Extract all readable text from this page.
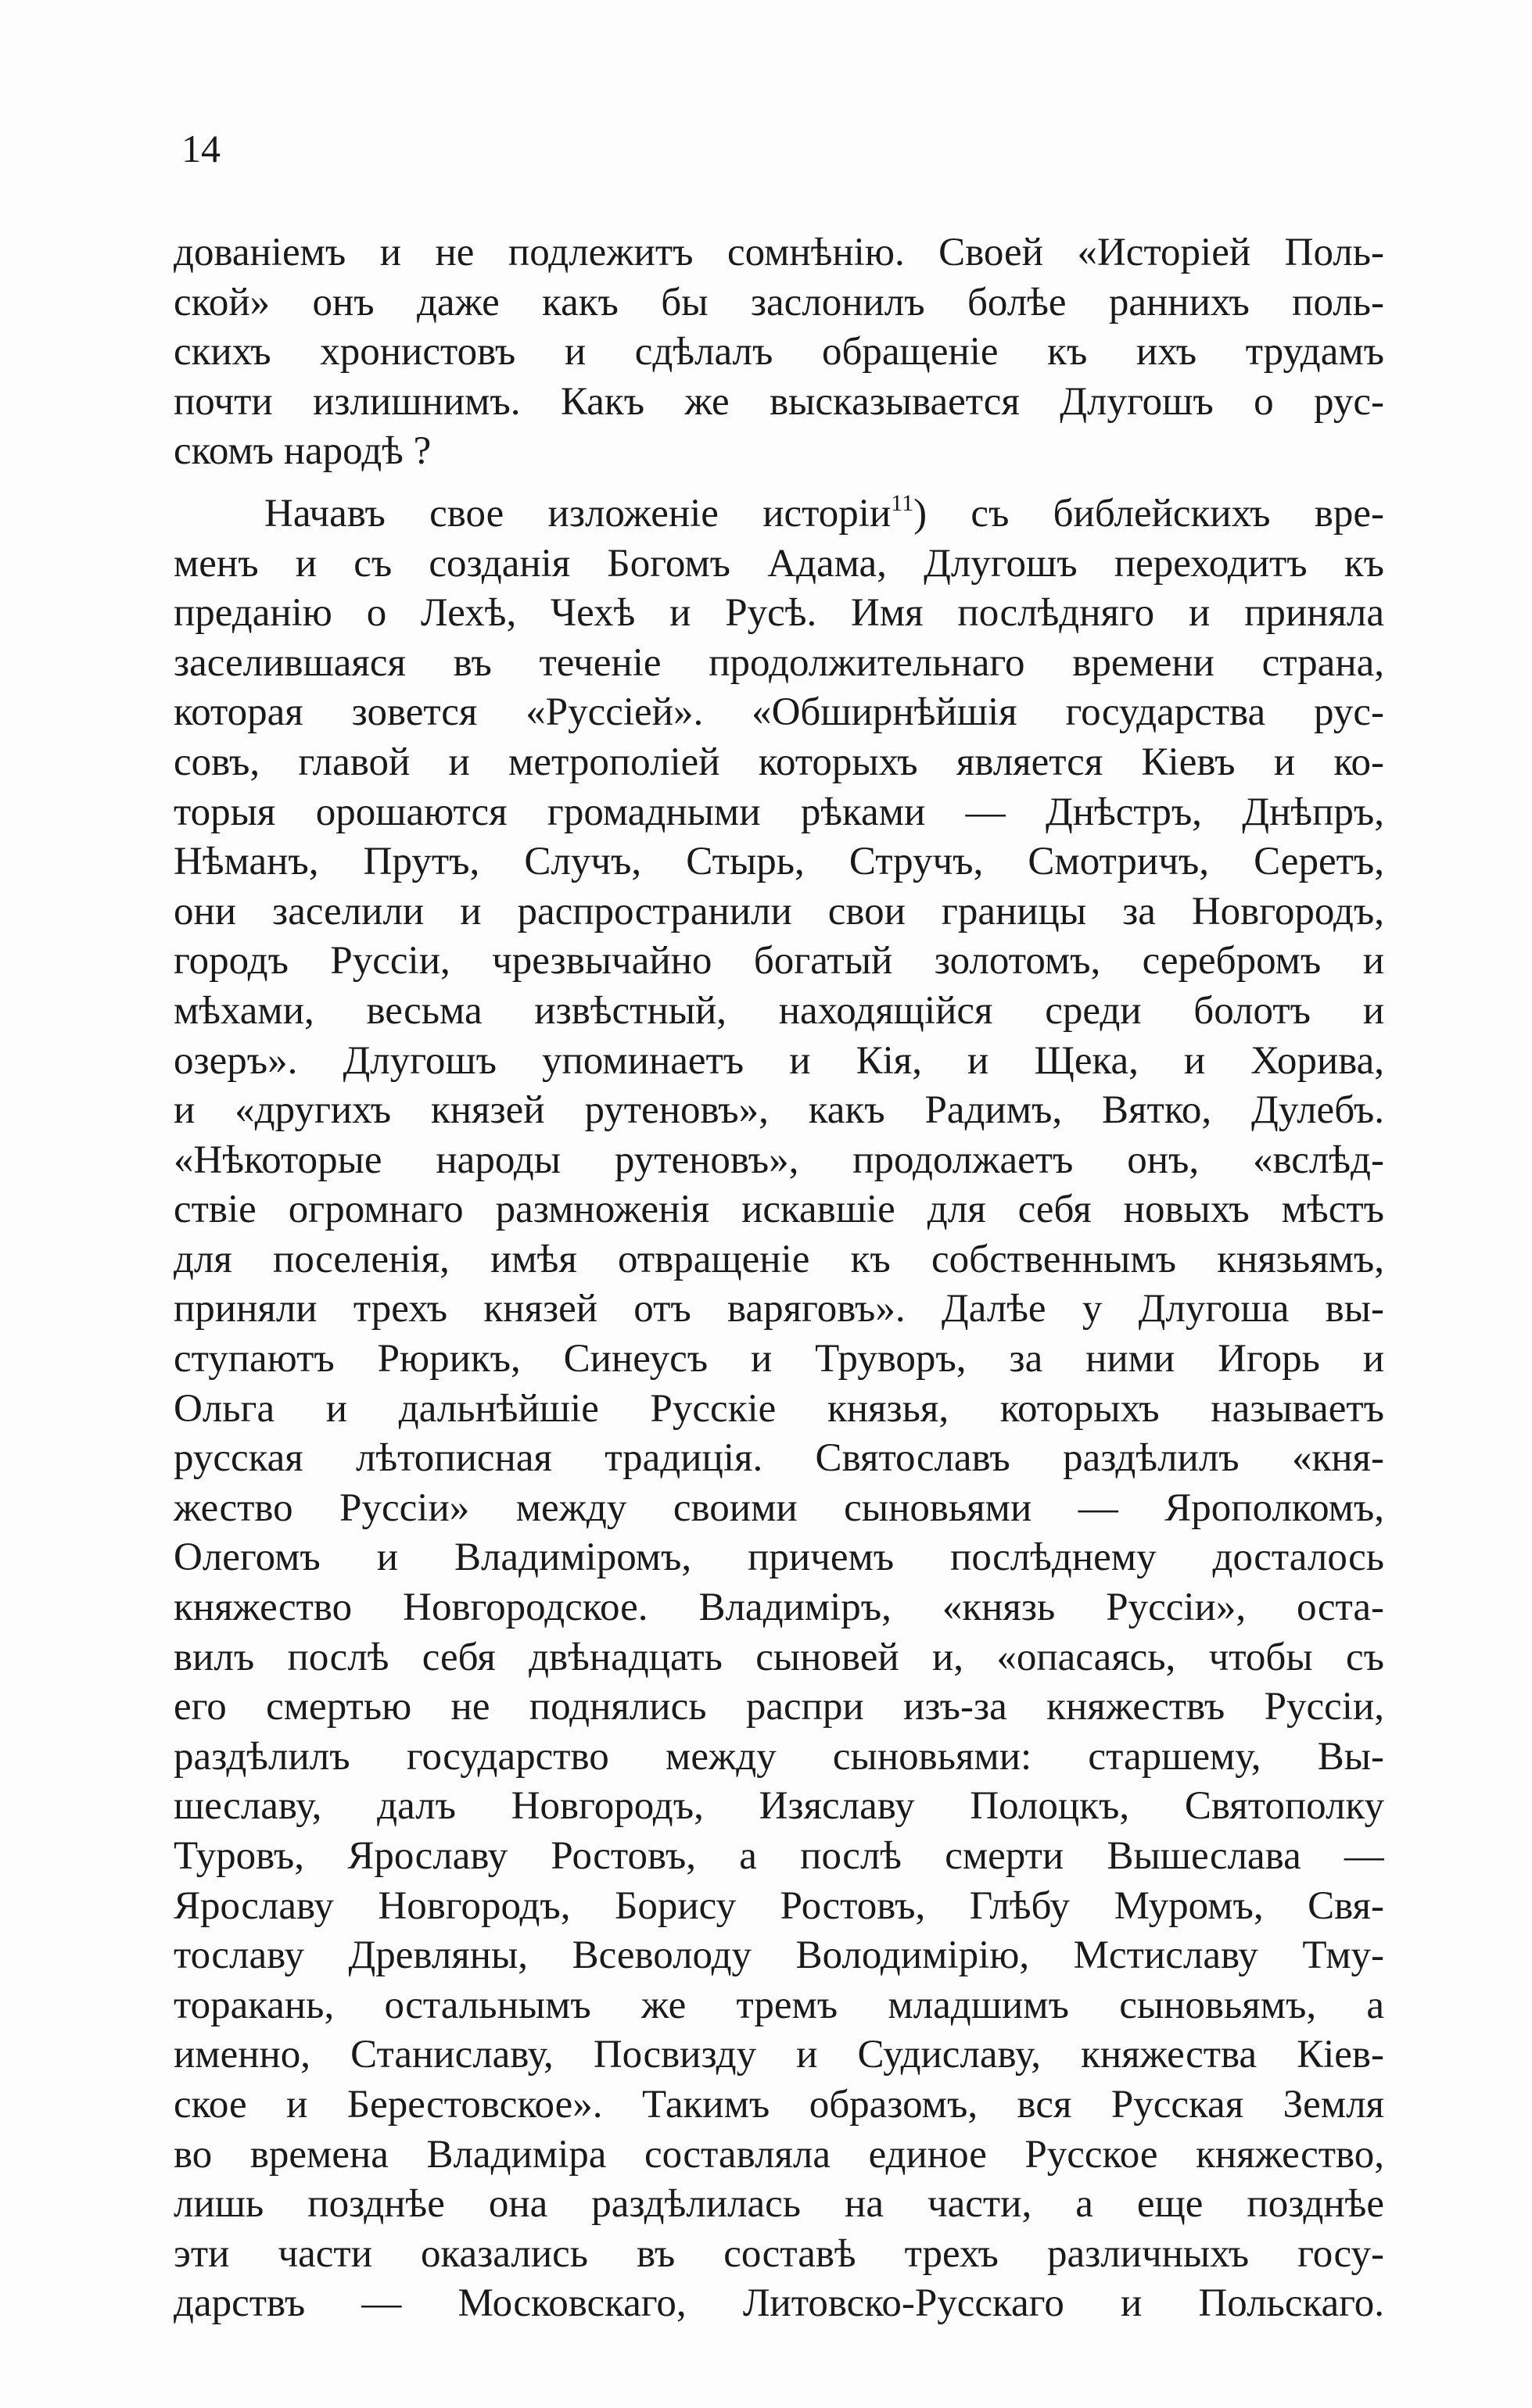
14

дованіемъ и не подлежитъ сомнѣнію. Своей «Исторіей Поль-
ской» онъ даже какъ бы заслонилъ болѣе раннихъ поль-
скихъ хронистовъ и сдѣлалъ обращеніе къ ихъ трудамъ
почти излишнимъ. Какъ же высказывается Длугошъ о рус-
скомъ народѣ ?

Начавъ свое изложеніе исторіи$^{11}$) съ библейскихъ вре-
менъ и съ созданія Богомъ Адама, Длугошъ переходитъ къ
преданію о Лехѣ, Чехѣ и Русѣ. Имя послѣдняго и приняла
заселившаяся въ теченіе продолжительнаго времени страна,
которая зовется «Руссіей». «Обширнѣйшія государства рус-
совъ, главой и метрополіей которыхъ является Кіевъ и ко-
торыя орошаются громадными рѣками — Днѣстръ, Днѣпръ,
Нѣманъ, Прутъ, Случъ, Стырь, Стручъ, Смотричъ, Серетъ,
они заселили и распространили свои границы за Новгородъ,
городъ Руссіи, чрезвычайно богатый золотомъ, серебромъ и
мѣхами, весьма извѣстный, находящійся среди болотъ и
озеръ». Длугошъ упоминаетъ и Кія, и Щека, и Хорива,
и «другихъ князей рутеновъ», какъ Радимъ, Вятко, Дулебъ.
«Нѣкоторые народы рутеновъ», продолжаетъ онъ, «вслѣд-
ствіе огромнаго размноженія искавшіе для себя новыхъ мѣстъ
для поселенія, имѣя отвращеніе къ собственнымъ князьямъ,
приняли трехъ князей отъ варяговъ». Далѣе у Длугоша вы-
ступаютъ Рюрикъ, Синеусъ и Труворъ, за ними Игорь и
Ольга и дальнѣйшіе Русскіе князья, которыхъ называетъ
русская лѣтописная традиція. Святославъ раздѣлилъ «кня-
жество Руссіи» между своими сыновьями — Ярополкомъ,
Олегомъ и Владиміромъ, причемъ послѣднему досталось
княжество Новгородское. Владиміръ, «князь Руссіи», оста-
вилъ послѣ себя двѣнадцать сыновей и, «опасаясь, чтобы съ
его смертью не поднялись распри изъ-за княжествъ Руссіи,
раздѣлилъ государство между сыновьями: старшему, Вы-
шеславу, далъ Новгородъ, Изяславу Полоцкъ, Святополку
Туровъ, Ярославу Ростовъ, а послѣ смерти Вышеслава —
Ярославу Новгородъ, Борису Ростовъ, Глѣбу Муромъ, Свя-
тославу Древляны, Всеволоду Володимірію, Мстиславу Тму-
торакань, остальнымъ же тремъ младшимъ сыновьямъ, а
именно, Станиславу, Посвизду и Судиславу, княжества Кіев-
ское и Берестовское». Такимъ образомъ, вся Русская Земля
во времена Владиміра составляла единое Русское княжество,
лишь позднѣе она раздѣлилась на части, а еще позднѣе
эти части оказались въ составѣ трехъ различныхъ госу-
дарствъ — Московскаго, Литовско-Русскаго и Польскаго.
